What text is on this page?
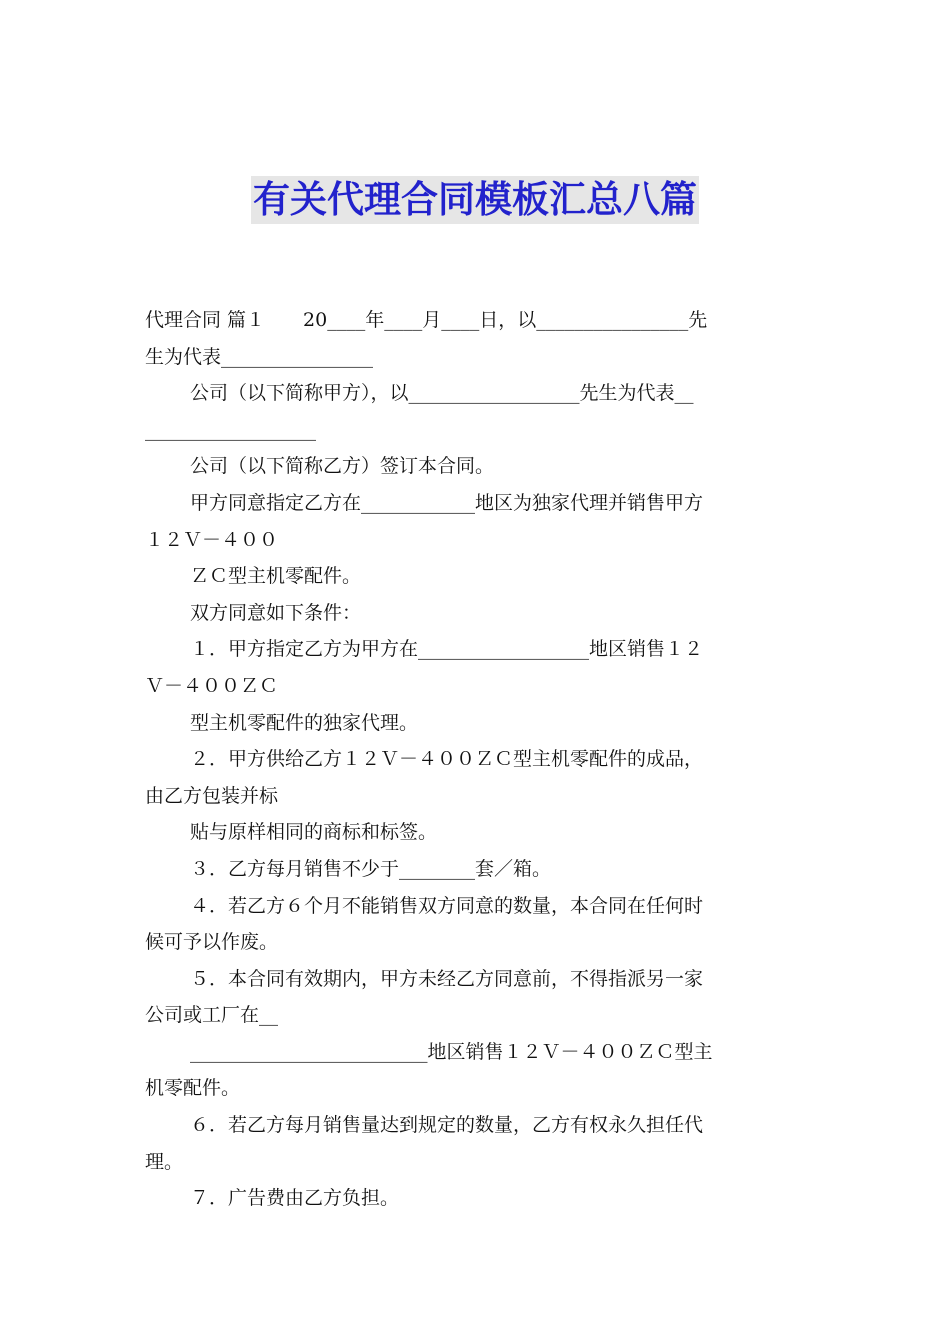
有关代理合同模板汇总八篇
代理合同 篇１　　20____年____月____日，以________________先
生为代表________________
公司（以下简称甲方），以__________________先生为代表__
__________________
公司（以下简称乙方）签订本合同。
甲方同意指定乙方在____________地区为独家代理并销售甲方
１２Ｖ－４００
ＺＣ型主机零配件。
双方同意如下条件：
１．甲方指定乙方为甲方在__________________地区销售１２
Ｖ－４００ＺＣ
型主机零配件的独家代理。
２．甲方供给乙方１２Ｖ－４００ＺＣ型主机零配件的成品，
由乙方包装并标
贴与原样相同的商标和标签。
３．乙方每月销售不少于________套／箱。
４．若乙方６个月不能销售双方同意的数量，本合同在任何时
候可予以作废。
５．本合同有效期内，甲方未经乙方同意前，不得指派另一家
公司或工厂在__
_________________________地区销售１２Ｖ－４００ＺＣ型主
机零配件。
６．若乙方每月销售量达到规定的数量，乙方有权永久担任代
理。
７．广告费由乙方负担。
